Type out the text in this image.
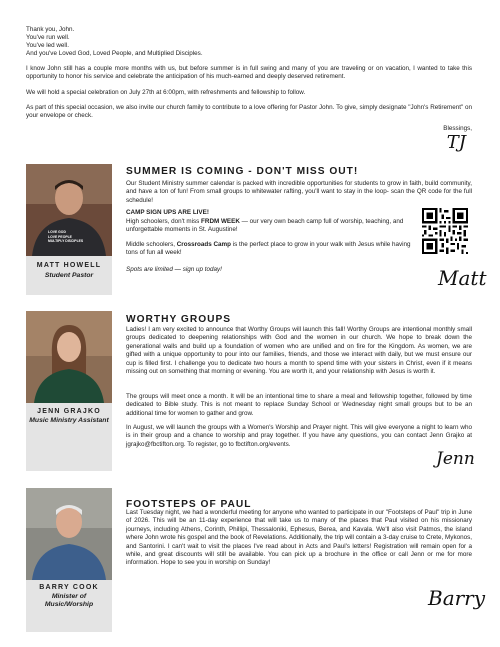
Thank you, John.

You've run well.

You've led well.

And you've Loved God, Loved People, and Multiplied Disciples.

I know John still has a couple more months with us, but before summer is in full swing and many of you are traveling or on vacation, I wanted to take this opportunity to honor his service and celebrate the anticipation of his much-earned and deeply deserved retirement.

We will hold a special celebration on July 27th at 6:00pm, with refreshments and fellowship to follow.

As part of this special occasion, we also invite our church family to contribute to a love offering for Pastor John. To give, simply designate "John's Retirement" on your envelope or check.

Blessings,
TJ
LOVE GOD
LOVE PEOPLE
MULTIPLY DISCIPLES
MATT HOWELL
Student Pastor
SUMMER IS COMING - DON'T MISS OUT!

Our Student Ministry summer calendar is packed with incredible opportunities for students to grow in faith, build community, and have a ton of fun! From small groups to whitewater rafting, you'll want to stay in the loop- scan the QR code for the full schedule!

CAMP SIGN UPS ARE LIVE!

High schoolers, don't miss FRDM WEEK — our very own beach camp full of worship, teaching, and unforgettable moments in St. Augustine!

Middle schoolers, Crossroads Camp is the perfect place to grow in your walk with Jesus while having tons of fun all week!

Spots are limited — sign up today!	Matt
JENN GRAJKO
Music Ministry Assistant
WORTHY GROUPS

Ladies! I am very excited to announce that Worthy Groups will launch this fall! Worthy Groups are intentional monthly small groups dedicated to deepening relationships with God and the women in our church. We hope to break down the generational walls and build up a foundation of women who are unified and on fire for the Kingdom. As women, we are gifted with a unique opportunity to pour into our families, friends, and those we interact with daily, but we must ensure our cup is filled first. I challenge you to dedicate two hours a month to spend time with your sisters in Christ, even if it means missing out on something that morning or evening. You are worth it, and your relationship with Jesus is worth it.

The groups will meet once a month. It will be an intentional time to share a meal and fellowship together, followed by time dedicated to Bible study. This is not meant to replace Sunday School or Wednesday night small groups but to be an additional time for women to gather and grow.

In August, we will launch the groups with a Women's Worship and Prayer night. This will give everyone a night to learn who is in their group and a chance to worship and pray together. If you have any questions, you can contact Jenn Grajko at jgrajko@fbctifton.org. To register, go to fbctifton.org/events.

Jenn
BARRY COOK
Minister of Music/Worship
FOOTSTEPS OF PAUL

Last Tuesday night, we had a wonderful meeting for anyone who wanted to participate in our "Footsteps of Paul" trip in June of 2026. This will be an 11-day experience that will take us to many of the places that Paul visited on his missionary journeys, including Athens, Corinth, Phillipi, Thessaloniki, Ephesus, Berea, and Kavala. We'll also visit Patmos, the island where John wrote his gospel and the book of Revelations. Additionally, the trip will contain a 3-day cruise to Crete, Mykonos, and Santorini. I can't wait to visit the places I've read about in Acts and Paul's letters! Registration will remain open for a while, and great discounts will still be available. You can pick up a brochure in the office or call Jenn or me for more information. Hope to see you in worship on Sunday!

Barry
